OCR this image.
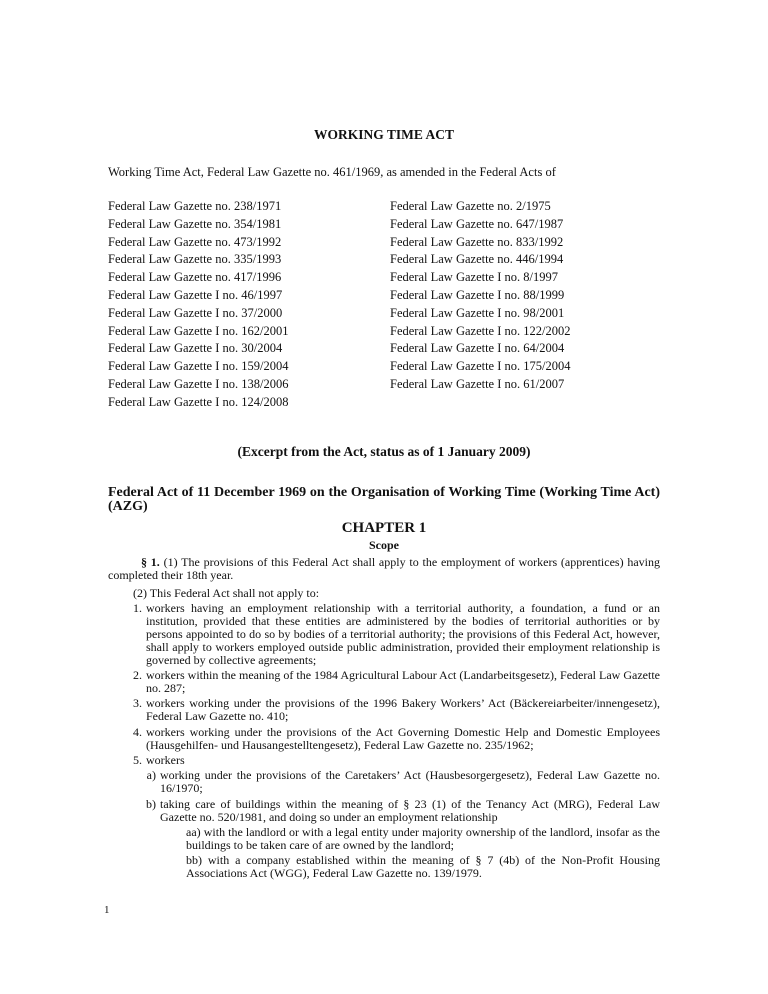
WORKING TIME ACT
Working Time Act, Federal Law Gazette no. 461/1969, as amended in the Federal Acts of
Federal Law Gazette no. 238/1971	Federal Law Gazette no. 2/1975
Federal Law Gazette no. 354/1981	Federal Law Gazette no. 647/1987
Federal Law Gazette no. 473/1992	Federal Law Gazette no. 833/1992
Federal Law Gazette no. 335/1993	Federal Law Gazette no. 446/1994
Federal Law Gazette no. 417/1996	Federal Law Gazette I no. 8/1997
Federal Law Gazette I no. 46/1997	Federal Law Gazette I no. 88/1999
Federal Law Gazette I no. 37/2000	Federal Law Gazette I no. 98/2001
Federal Law Gazette I no. 162/2001	Federal Law Gazette I no. 122/2002
Federal Law Gazette I no. 30/2004	Federal Law Gazette I no. 64/2004
Federal Law Gazette I no. 159/2004	Federal Law Gazette I no. 175/2004
Federal Law Gazette I no. 138/2006	Federal Law Gazette I no. 61/2007
Federal Law Gazette I no. 124/2008
(Excerpt from the Act, status as of 1 January 2009)
Federal Act of 11 December 1969 on the Organisation of Working Time (Working Time Act) (AZG)
CHAPTER 1
Scope

§ 1. (1) The provisions of this Federal Act shall apply to the employment of workers (apprentices) having completed their 18th year.

(2) This Federal Act shall not apply to:

1. workers having an employment relationship with a territorial authority, a foundation, a fund or an institution, provided that these entities are administered by the bodies of territorial authorities or by persons appointed to do so by bodies of a territorial authority; the provisions of this Federal Act, however, shall apply to workers employed outside public administration, provided their employment relationship is governed by collective agreements;
2. workers within the meaning of the 1984 Agricultural Labour Act (Landarbeitsgesetz), Federal Law Gazette no. 287;
3. workers working under the provisions of the 1996 Bakery Workers’ Act (Bäckereiarbeiter/innengesetz), Federal Law Gazette no. 410;
4. workers working under the provisions of the Act Governing Domestic Help and Domestic Employees (Hausgehilfen- und Hausangestelltengesetz), Federal Law Gazette no. 235/1962;
5. workers
a) working under the provisions of the Caretakers’ Act (Hausbesorgergesetz), Federal Law Gazette no. 16/1970;
b) taking care of buildings within the meaning of § 23 (1) of the Tenancy Act (MRG), Federal Law Gazette no. 520/1981, and doing so under an employment relationship
aa) with the landlord or with a legal entity under majority ownership of the landlord, insofar as the buildings to be taken care of are owned by the landlord;
bb) with a company established within the meaning of § 7 (4b) of the Non-Profit Housing Associations Act (WGG), Federal Law Gazette no. 139/1979.
1
